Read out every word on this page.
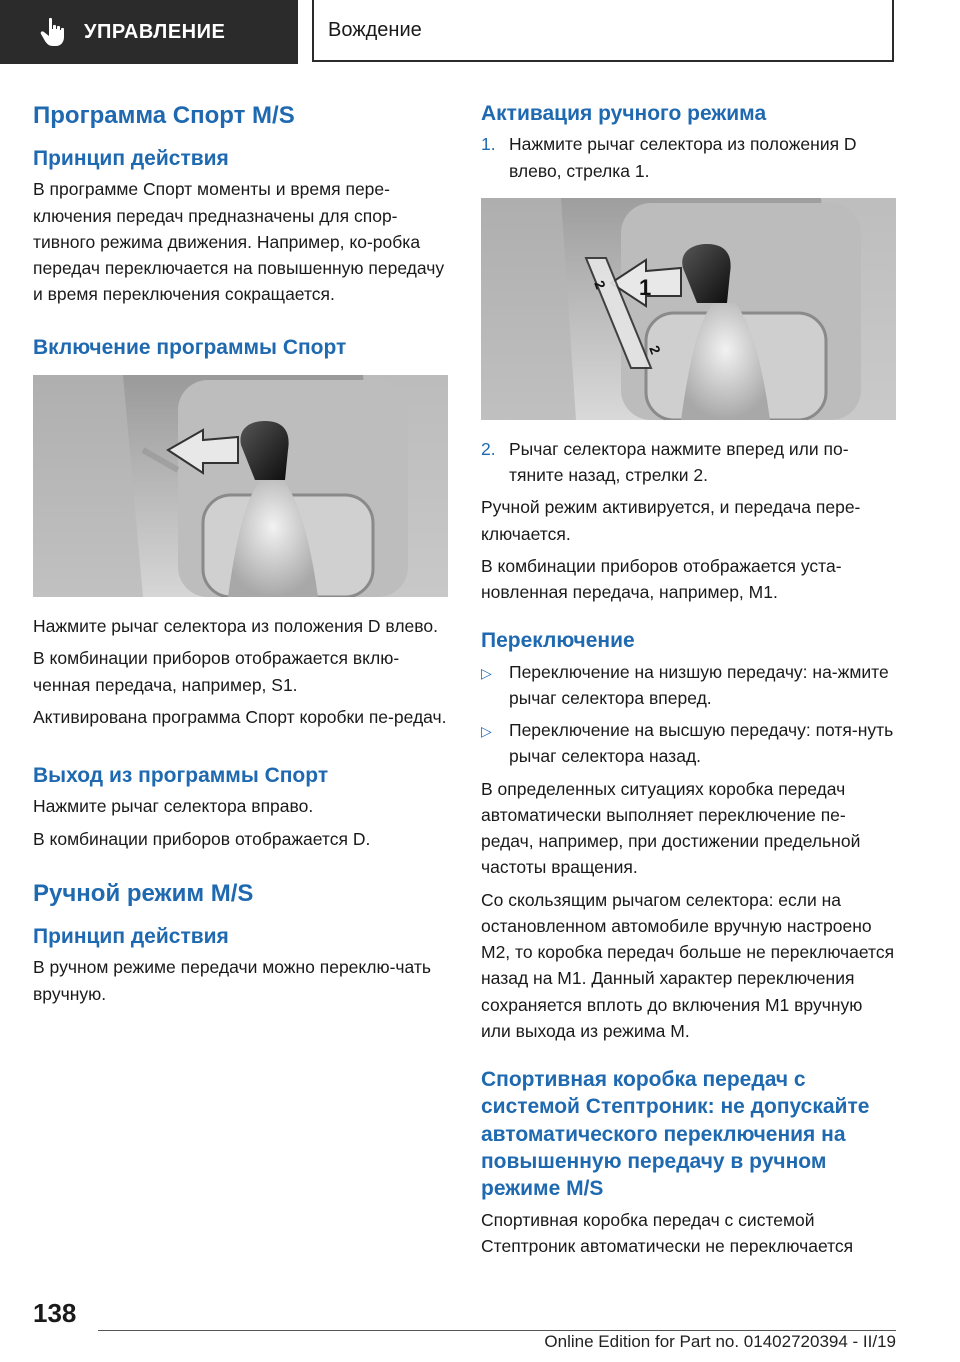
УПРАВЛЕНИЕ	Вождение
Программа Спорт M/S
Принцип действия

В программе Спорт моменты и время пере-ключения передач предназначены для спор-тивного режима движения. Например, ко-робка передач переключается на повышенную передачу и время переключения сокращается.

Включение программы Спорт

Нажмите рычаг селектора из положения D влево.

В комбинации приборов отображается вклю-ченная передача, например, S1.

Активирована программа Спорт коробки пе-редач.

Выход из программы Спорт

Нажмите рычаг селектора вправо.

В комбинации приборов отображается D.

Ручной режим M/S
Принцип действия

В ручном режиме передачи можно переклю-чать вручную.

Активация ручного режима
1. Нажмите рычаг селектора из положения D влево, стрелка 1.
1
2
2
2. Рычаг селектора нажмите вперед или по-тяните назад, стрелки 2.

Ручной режим активируется, и передача пере-ключается.

В комбинации приборов отображается уста-новленная передача, например, M1.

Переключение
▷ Переключение на низшую передачу: на-жмите рычаг селектора вперед.
▷ Переключение на высшую передачу: потя-нуть рычаг селектора назад.

В определенных ситуациях коробка передач автоматически выполняет переключение пе-редач, например, при достижении предельной частоты вращения.

Со скользящим рычагом селектора: если на остановленном автомобиле вручную настроено M2, то коробка передач больше не переключается назад на M1. Данный характер переключения сохраняется вплоть до включения M1 вручную или выхода из режима M.

Спортивная коробка передач с системой Стептроник: не допускайте автоматического переключения на повышенную передачу в ручном режиме M/S

Спортивная коробка передач с системой Стептроник автоматически не переключается

138
Online Edition for Part no. 01402720394 - II/19
